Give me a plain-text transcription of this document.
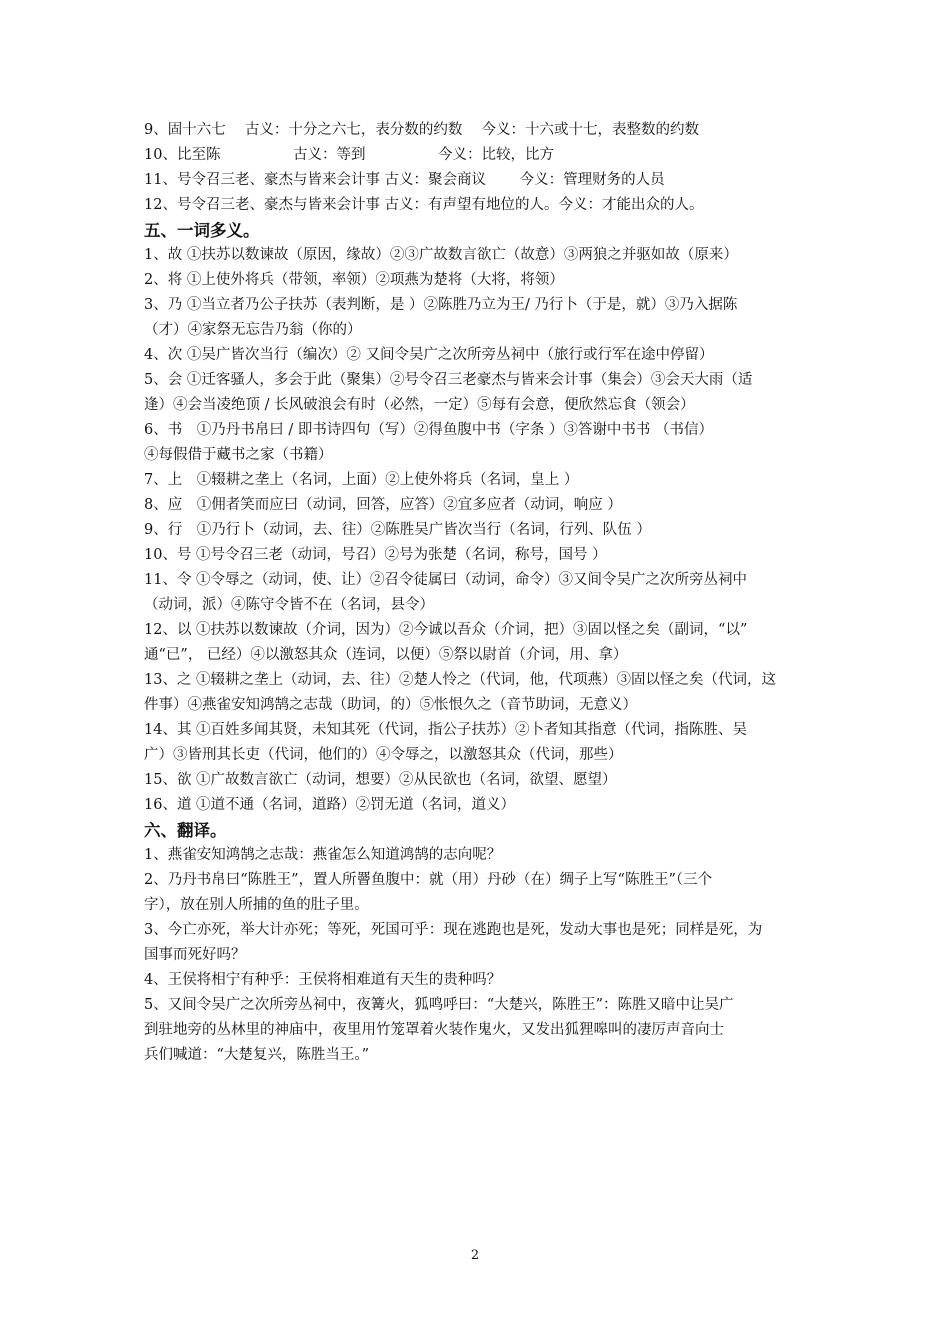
9、固十六七　 古义：十分之六七，表分数的约数　 今义：十六或十七，表整数的约数
10、比至陈　　　　　古义：等到　　　　　今义：比较，比方
11、号令召三老、豪杰与皆来会计事 古义：聚会商议　　 今义：管理财务的人员
12、号令召三老、豪杰与皆来会计事 古义：有声望有地位的人。今义：才能出众的人。
五、一词多义。
1、故 ①扶苏以数谏故（原因，缘故）②③广故数言欲亡（故意）③两狼之并驱如故（原来）
2、将 ①上使外将兵（带领，率领）②项燕为楚将（大将，将领）
3、乃 ①当立者乃公子扶苏（表判断，是 ）②陈胜乃立为王/ 乃行卜（于是，就）③乃入据陈
（才）④家祭无忘告乃翁（你的）
4、次 ①吴广皆次当行（编次）② 又间令吴广之次所旁丛祠中（旅行或行军在途中停留）
5、会 ①迁客骚人，多会于此（聚集）②号令召三老豪杰与皆来会计事（集会）③会天大雨（适
逢）④会当凌绝顶 / 长风破浪会有时（必然，一定）⑤每有会意，便欣然忘食（领会）
6、书　①乃丹书帛曰 / 即书诗四句（写）②得鱼腹中书（字条 ）③答谢中书书 （书信）
④每假借于藏书之家（书籍）
7、上　①辍耕之垄上（名词，上面）②上使外将兵（名词，皇上 ）
8、应　①佣者笑而应曰（动词，回答，应答）②宜多应者（动词，响应 ）
9、行　①乃行卜（动词，去、往）②陈胜吴广皆次当行（名词，行列、队伍 ）
10、号 ①号令召三老（动词，号召）②号为张楚（名词，称号，国号 ）
11、令 ①令辱之（动词，使、让）②召令徒属曰（动词，命令）③又间令吴广之次所旁丛祠中
（动词，派）④陈守令皆不在（名词，县令）
12、以 ①扶苏以数谏故（介词，因为）②今诚以吾众（介词，把）③固以怪之矣（副词，“以”
通“已”， 已经）④以激怒其众（连词，以便）⑤祭以尉首（介词，用、拿）
13、之 ①辍耕之垄上（动词，去、往）②楚人怜之（代词，他，代项燕）③固以怪之矣（代词，这
件事）④燕雀安知鸿鹄之志哉（助词，的）⑤怅恨久之（音节助词，无意义）
14、其 ①百姓多闻其贤，未知其死（代词，指公子扶苏）②卜者知其指意（代词，指陈胜、吴
广）③皆刑其长吏（代词，他们的）④令辱之，以激怒其众（代词，那些）
15、欲 ①广故数言欲亡（动词，想要）②从民欲也（名词，欲望、愿望）
16、道 ①道不通（名词，道路）②罚无道（名词，道义）
六、翻译。
1、燕雀安知鸿鹄之志哉：燕雀怎么知道鸿鹄的志向呢？
2、乃丹书帛曰“陈胜王”，置人所罾鱼腹中：就（用）丹砂（在）绸子上写“陈胜王”（三个
字），放在别人所捕的鱼的肚子里。
3、今亡亦死，举大计亦死；等死，死国可乎：现在逃跑也是死，发动大事也是死；同样是死，为
国事而死好吗？
4、王侯将相宁有种乎：王侯将相难道有天生的贵种吗？
5、又间令吴广之次所旁丛祠中，夜篝火，狐鸣呼曰：“大楚兴，陈胜王”：陈胜又暗中让吴广
到驻地旁的丛林里的神庙中，夜里用竹笼罩着火装作鬼火，又发出狐狸嗥叫的凄厉声音向士
兵们喊道：“大楚复兴，陈胜当王。”
2
